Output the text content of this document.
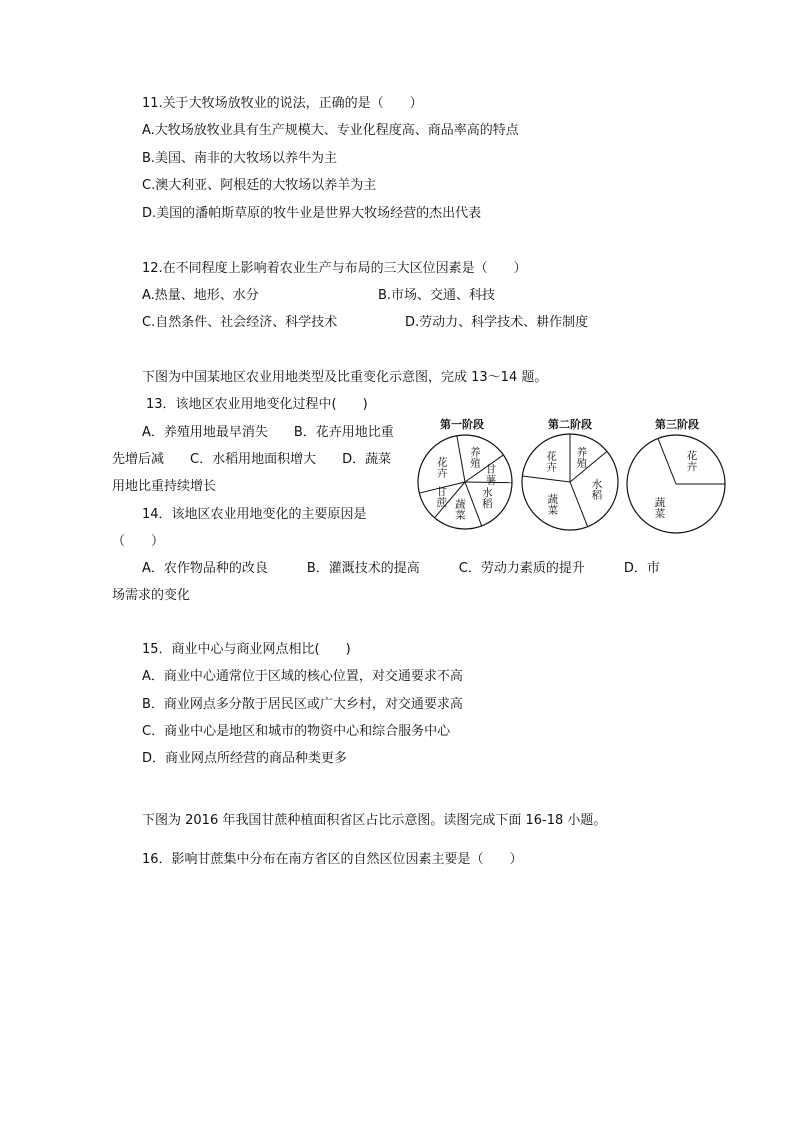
11.关于大牧场放牧业的说法，正确的是（　　）
A.大牧场放牧业具有生产规模大、专业化程度高、商品率高的特点
B.美国、南非的大牧场以养牛为主
C.澳大利亚、阿根廷的大牧场以养羊为主
D.美国的潘帕斯草原的牧牛业是世界大牧场经营的杰出代表
12.在不同程度上影响着农业生产与布局的三大区位因素是（　　）
A.热量、地形、水分	B.市场、交通、科技
C.自然条件、社会经济、科学技术	D.劳动力、科学技术、耕作制度
下图为中国某地区农业用地类型及比重变化示意图，完成 13～14 题。
13．该地区农业用地变化过程中(　　)
A．养殖用地最早消失　　B．花卉用地比重
先增后减　　C．水稻用地面积增大　　D．蔬菜
用地比重持续增长
14．该地区农业用地变化的主要原因是
（　　）
A．农作物品种的改良　　　B．灌溉技术的提高　　　C．劳动力素质的提升　　　D．市
场需求的变化
第一阶段	第二阶段	第三阶段
养殖
甘薯
水稻
蔬菜
甘蔗
花卉
养殖
水稻
蔬菜
花卉
蔬菜
花卉
15．商业中心与商业网点相比(　　)
A．商业中心通常位于区域的核心位置，对交通要求不高
B．商业网点多分散于居民区或广大乡村，对交通要求高
C．商业中心是地区和城市的物资中心和综合服务中心
D．商业网点所经营的商品种类更多
下图为 2016 年我国甘蔗种植面积省区占比示意图。读图完成下面 16-18 小题。
16．影响甘蔗集中分布在南方省区的自然区位因素主要是（　　）
